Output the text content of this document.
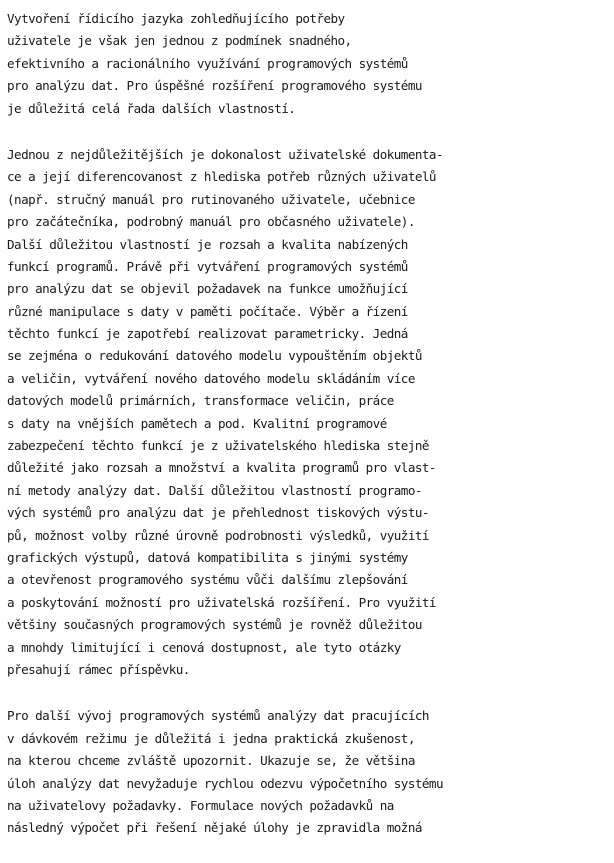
Vytvoření řídicího jazyka zohledňujícího potřeby
uživatele je však jen jednou z podmínek snadného,
efektivního a racionálního využívání programových systémů
pro analýzu dat. Pro úspěšné rozšíření programového systému
je důležitá celá řada dalších vlastností.

Jednou z nejdůležitějších je dokonalost uživatelské dokumenta-
ce a její diferencovanost z hlediska potřeb různých uživatelů
(např. stručný manuál pro rutinovaného uživatele, učebnice
pro začátečníka, podrobný manuál pro občasného uživatele).
Další důležitou vlastností je rozsah a kvalita nabízených
funkcí programů. Právě při vytváření programových systémů
pro analýzu dat se objevil požadavek na funkce umožňující
různé manipulace s daty v paměti počítače. Výběr a řízení
těchto funkcí je zapotřebí realizovat parametricky. Jedná
se zejména o redukování datového modelu vypouštěním objektů
a veličin, vytváření nového datového modelu skládáním více
datových modelů primárních, transformace veličin, práce
s daty na vnějších pamětech a pod. Kvalitní programové
zabezpečení těchto funkcí je z uživatelského hlediska stejně
důležité jako rozsah a množství a kvalita programů pro vlast-
ní metody analýzy dat. Další důležitou vlastností programo-
vých systémů pro analýzu dat je přehlednost tiskových výstu-
pů, možnost volby různé úrovně podrobnosti výsledků, využití
grafických výstupů, datová kompatibilita s jinými systémy
a otevřenost programového systému vůči dalšímu zlepšování
a poskytování možností pro uživatelská rozšíření. Pro využití
většiny současných programových systémů je rovněž důležitou
a mnohdy limitující i cenová dostupnost, ale tyto otázky
přesahují rámec příspěvku.

Pro další vývoj programových systémů analýzy dat pracujících
v dávkovém režimu je důležitá i jedna praktická zkušenost,
na kterou chceme zvláště upozornit. Ukazuje se, že většina
úloh analýzy dat nevyžaduje rychlou odezvu výpočetního systému
na uživatelovy požadavky. Formulace nových požadavků na
následný výpočet při řešení nějaké úlohy je zpravidla možná
